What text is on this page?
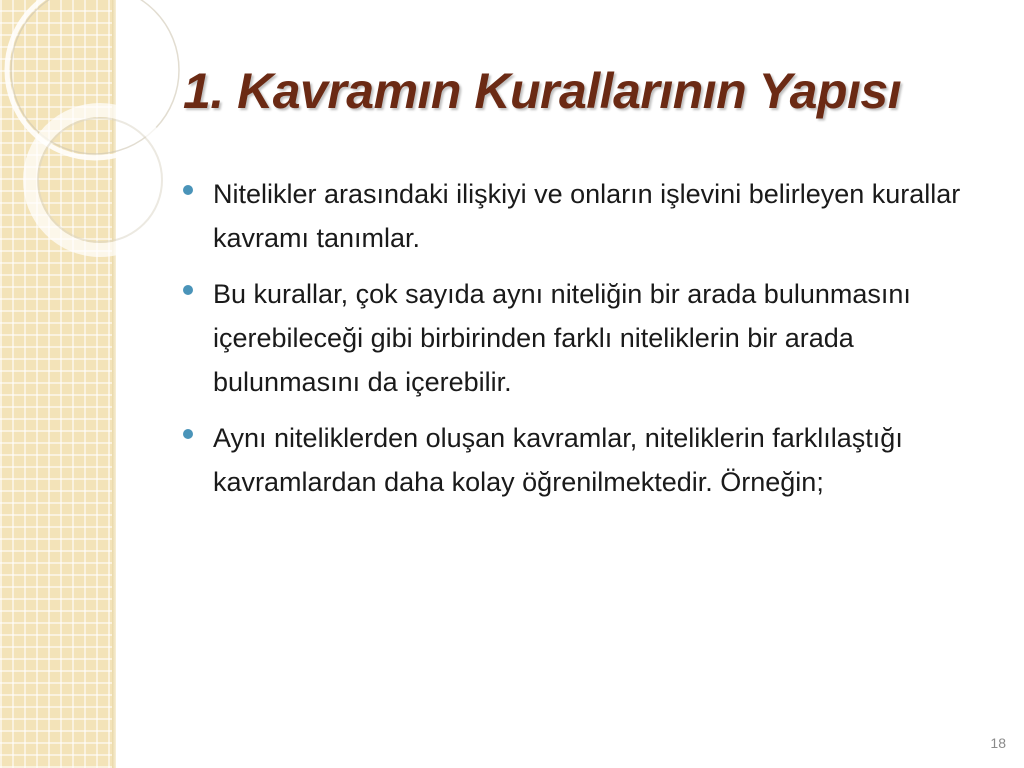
1. Kavramın Kurallarının Yapısı
Nitelikler arasındaki ilişkiyi ve onların işlevini belirleyen kurallar kavramı tanımlar.
Bu kurallar, çok sayıda aynı niteliğin bir arada bulunmasını içerebileceği gibi birbirinden farklı niteliklerin bir arada bulunmasını da içerebilir.
Aynı niteliklerden oluşan kavramlar, niteliklerin farklılaştığı kavramlardan daha kolay öğrenilmektedir. Örneğin;
18
